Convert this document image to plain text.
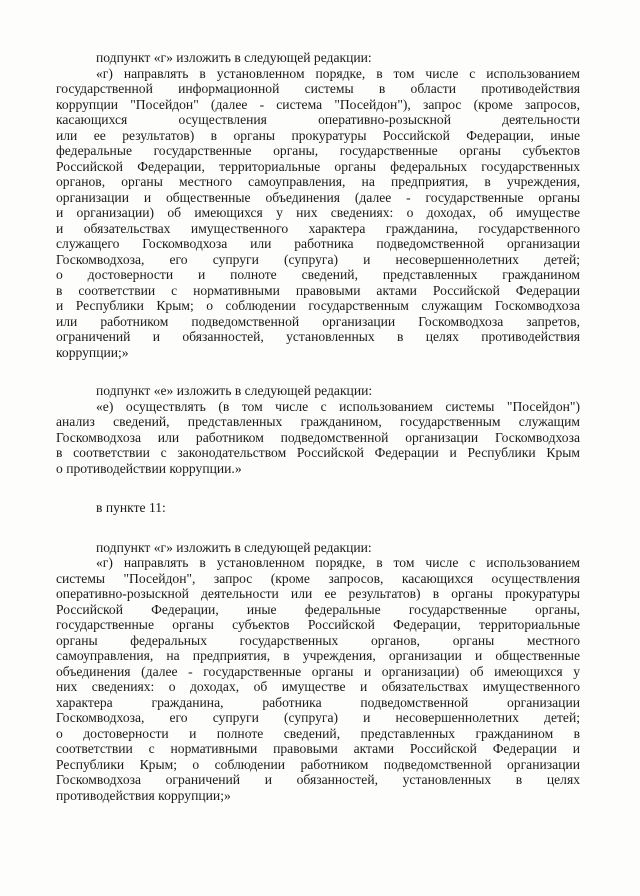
подпункт «г» изложить в следующей редакции:
«г) направлять в установленном порядке, в том числе с использованием
государственной информационной системы в области противодействия
коррупции "Посейдон" (далее - система "Посейдон"), запрос (кроме запросов,
касающихся осуществления оперативно-розыскной деятельности
или ее результатов) в органы прокуратуры Российской Федерации, иные
федеральные государственные органы, государственные органы субъектов
Российской Федерации, территориальные органы федеральных государственных
органов, органы местного самоуправления, на предприятия, в учреждения,
организации и общественные объединения (далее - государственные органы
и организации) об имеющихся у них сведениях: о доходах, об имуществе
и обязательствах имущественного характера гражданина, государственного
служащего Госкомводхоза или работника подведомственной организации
Госкомводхоза, его супруги (супруга) и несовершеннолетних детей;
о достоверности и полноте сведений, представленных гражданином
в соответствии с нормативными правовыми актами Российской Федерации
и Республики Крым; о соблюдении государственным служащим Госкомводхоза
или работником подведомственной организации Госкомводхоза запретов,
ограничений и обязанностей, установленных в целях противодействия
коррупции;»
подпункт «е» изложить в следующей редакции:
«е) осуществлять (в том числе с использованием системы "Посейдон")
анализ сведений, представленных гражданином, государственным служащим
Госкомводхоза или работником подведомственной организации Госкомводхоза
в соответствии с законодательством Российской Федерации и Республики Крым
о противодействии коррупции.»
в пункте 11:
подпункт «г» изложить в следующей редакции:
«г) направлять в установленном порядке, в том числе с использованием
системы "Посейдон", запрос (кроме запросов, касающихся осуществления
оперативно-розыскной деятельности или ее результатов) в органы прокуратуры
Российской Федерации, иные федеральные государственные органы,
государственные органы субъектов Российской Федерации, территориальные
органы федеральных государственных органов, органы местного
самоуправления, на предприятия, в учреждения, организации и общественные
объединения (далее - государственные органы и организации) об имеющихся у
них сведениях: о доходах, об имуществе и обязательствах имущественного
характера гражданина, работника подведомственной организации
Госкомводхоза, его супруги (супруга) и несовершеннолетних детей;
о достоверности и полноте сведений, представленных гражданином в
соответствии с нормативными правовыми актами Российской Федерации и
Республики Крым; о соблюдении работником подведомственной организации
Госкомводхоза ограничений и обязанностей, установленных в целях
противодействия коррупции;»
